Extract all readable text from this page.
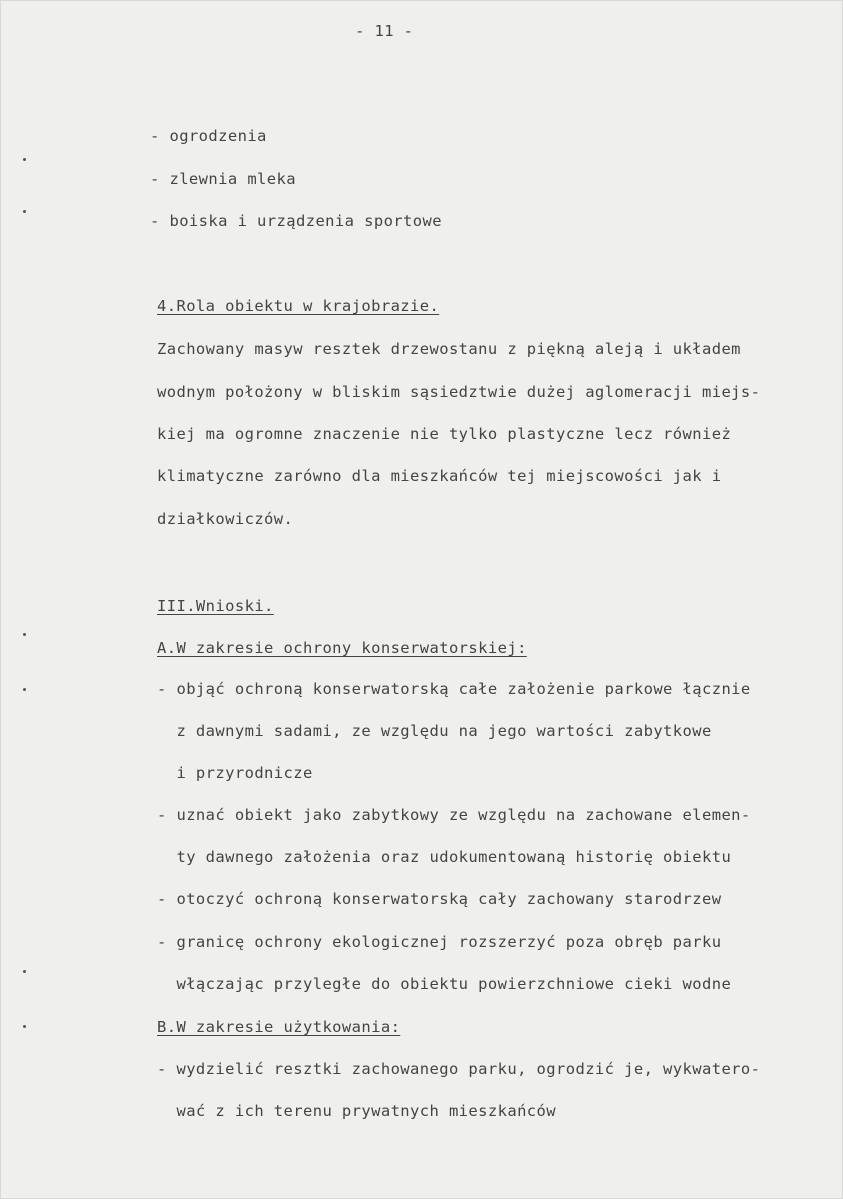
- 11 -
- ogrodzenia
- zlewnia mleka
- boiska i urządzenia sportowe
4.Rola obiektu w krajobrazie.
Zachowany masyw resztek drzewostanu z piękną aleją i układem
wodnym położony w bliskim sąsiedztwie dużej aglomeracji miejs-
kiej ma ogromne znaczenie nie tylko plastyczne lecz również
klimatyczne zarówno dla mieszkańców tej miejscowości jak i
działkowiczów.
III.Wnioski.
A.W zakresie ochrony konserwatorskiej:
- objąć ochroną konserwatorską całe założenie parkowe łącznie
z dawnymi sadami, ze względu na jego wartości zabytkowe
i przyrodnicze
- uznać obiekt jako zabytkowy ze względu na zachowane elemen-
ty dawnego założenia oraz udokumentowaną historię obiektu
- otoczyć ochroną konserwatorską cały zachowany starodrzew
- granicę ochrony ekologicznej rozszerzyć poza obręb parku
włączając przyległe do obiektu powierzchniowe cieki wodne
B.W zakresie użytkowania:
- wydzielić resztki zachowanego parku, ogrodzić je, wykwatero-
wać z ich terenu prywatnych mieszkańców
